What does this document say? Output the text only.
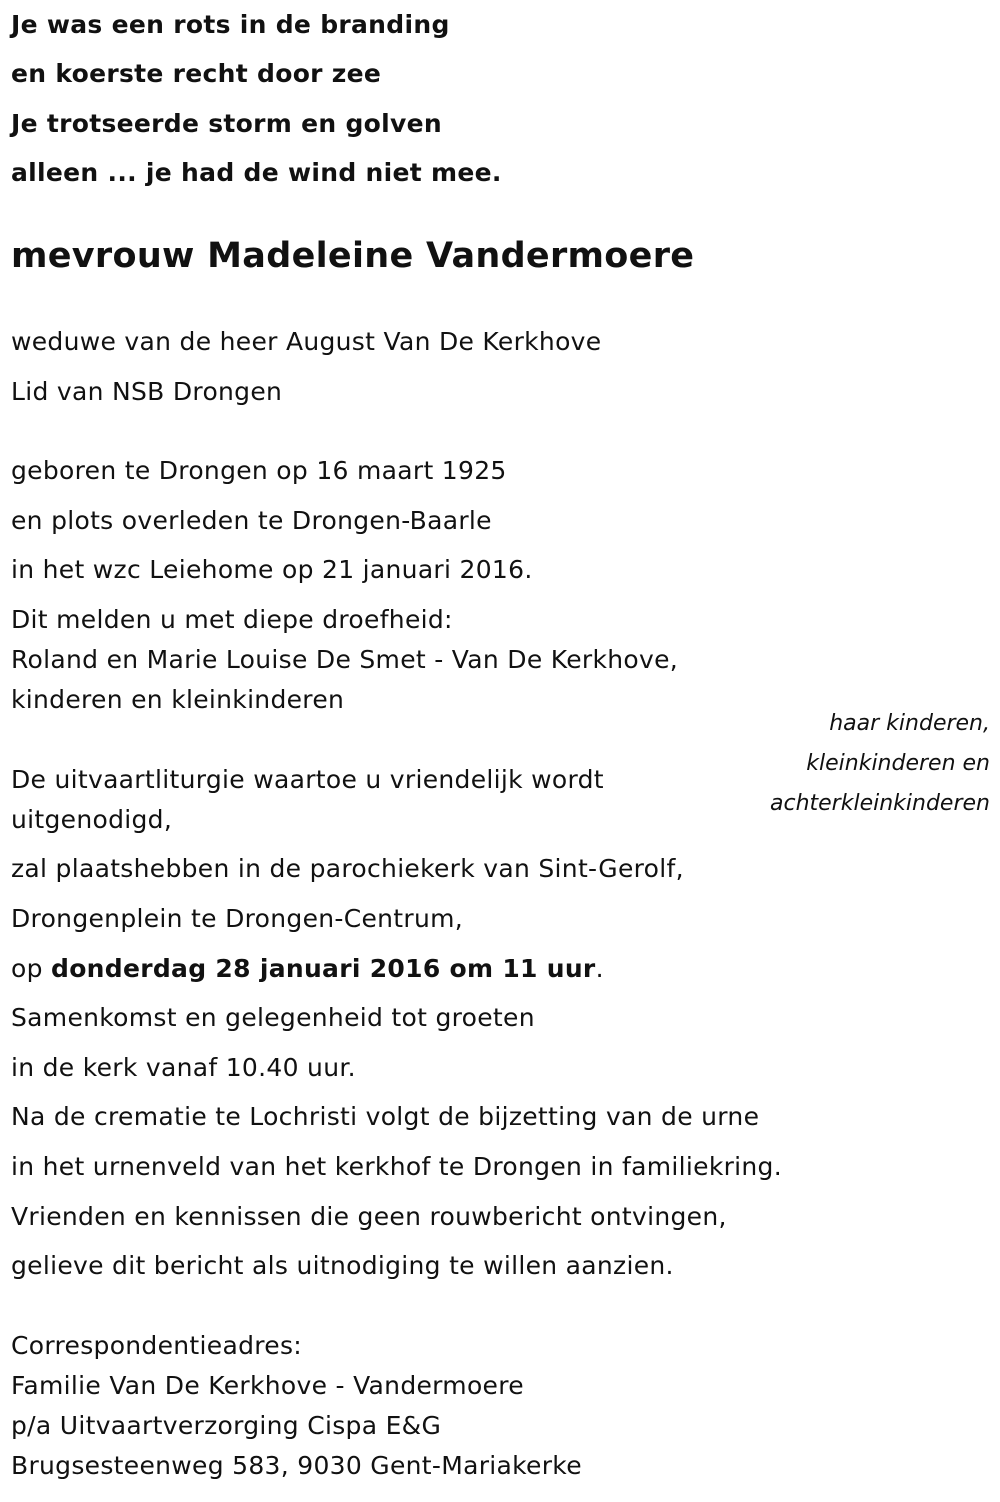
Je was een rots in de branding
en koerste recht door zee
Je trotseerde storm en golven
alleen ... je had de wind niet mee.
mevrouw Madeleine Vandermoere
weduwe van de heer August Van De Kerkhove
Lid van NSB Drongen
geboren te Drongen op 16 maart 1925
en plots overleden te Drongen-Baarle
in het wzc Leiehome op 21 januari 2016.
Dit melden u met diepe droefheid:
Roland en Marie Louise De Smet - Van De Kerkhove,
kinderen en kleinkinderen
haar kinderen,
kleinkinderen en
achterkleinkinderen
De uitvaartliturgie waartoe u vriendelijk wordt
uitgenodigd,
zal plaatshebben in de parochiekerk van Sint-Gerolf,
Drongenplein te Drongen-Centrum,
op donderdag 28 januari 2016 om 11 uur.
Samenkomst en gelegenheid tot groeten
in de kerk vanaf 10.40 uur.
Na de crematie te Lochristi volgt de bijzetting van de urne
in het urnenveld van het kerkhof te Drongen in familiekring.
Vrienden en kennissen die geen rouwbericht ontvingen,
gelieve dit bericht als uitnodiging te willen aanzien.
Correspondentieadres:
Familie Van De Kerkhove - Vandermoere
p/a Uitvaartverzorging Cispa E&G
Brugsesteenweg 583, 9030 Gent-Mariakerke
